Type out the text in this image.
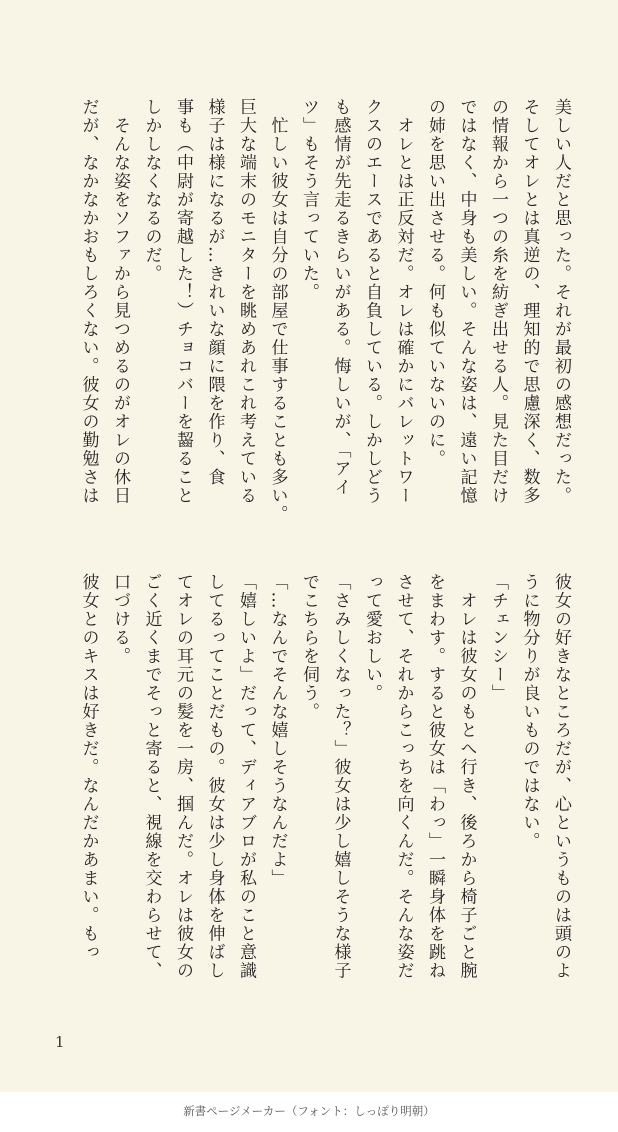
美しい人だと思った。それが最初の感想だった。

そしてオレとは真逆の、理知的で思慮深く、数多

の情報から一つの糸を紡ぎ出せる人。見た目だけ

ではなく、中身も美しい。そんな姿は、遠い記憶

の姉を思い出させる。何も似ていないのに。

　オレとは正反対だ。オレは確かにバレットワー

クスのエースであると自負している。しかしどう

も感情が先走るきらいがある。悔しいが、「アイ

ツ」もそう言っていた。

　忙しい彼女は自分の部屋で仕事することも多い。

巨大な端末のモニターを眺めあれこれ考えている

様子は様になるが…きれいな顔に隈を作り、食

事も（中尉が寄越した！）チョコバーを齧ること

しかしなくなるのだ。

　そんな姿をソファから見つめるのがオレの休日

だが、なかなかおもしろくない。彼女の勤勉さは

彼女の好きなところだが、心というものは頭のよ

うに物分りが良いものではない。

「チェンシー」

　オレは彼女のもとへ行き、後ろから椅子ごと腕

をまわす。すると彼女は「わっ」一瞬身体を跳ね

させて、それからこっちを向くんだ。そんな姿だ

って愛おしい。

「さみしくなった？」彼女は少し嬉しそうな様子

でこちらを伺う。

「…なんでそんな嬉しそうなんだよ」

「嬉しいよ」だって、ディアブロが私のこと意識

してるってことだもの。彼女は少し身体を伸ばし

てオレの耳元の髪を一房、掴んだ。オレは彼女の

ごく近くまでそっと寄ると、視線を交わらせて、

口づける。

彼女とのキスは好きだ。なんだかあまい。もっ

1
新書ページメーカー（フォント：しっぽり明朝）
